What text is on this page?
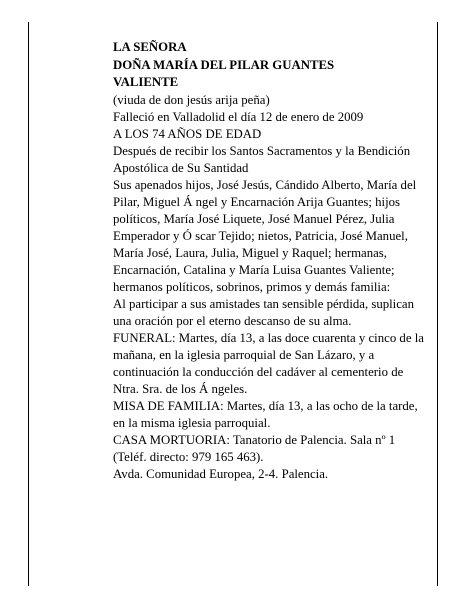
LA SEÑORA

DOÑA MARÍA DEL PILAR GUANTES

VALIENTE

(viuda de don jesús arija peña)

Falleció en Valladolid el día 12 de enero de 2009

A LOS 74 AÑOS DE EDAD

Después de recibir los Santos Sacramentos y la Bendición Apostólica de Su Santidad

Sus apenados hijos, José Jesús, Cándido Alberto, María del Pilar, Miguel Á ngel y Encarnación Arija Guantes; hijos políticos, María José Liquete, José Manuel Pérez, Julia Emperador y Ó scar Tejido; nietos, Patricia, José Manuel, María José, Laura, Julia, Miguel y Raquel; hermanas, Encarnación, Catalina y María Luisa Guantes Valiente; hermanos políticos, sobrinos, primos y demás familia:

Al participar a sus amistades tan sensible pérdida, suplican una oración por el eterno descanso de su alma.

FUNERAL: Martes, día 13, a las doce cuarenta y cinco de la mañana, en la iglesia parroquial de San Lázaro, y a continuación la conducción del cadáver al cementerio de Ntra. Sra. de los Á ngeles.

MISA DE FAMILIA: Martes, día 13, a las ocho de la tarde, en la misma iglesia parroquial.

CASA MORTUORIA: Tanatorio de Palencia. Sala nº 1 (Teléf. directo: 979 165 463).

Avda. Comunidad Europea, 2-4. Palencia.
